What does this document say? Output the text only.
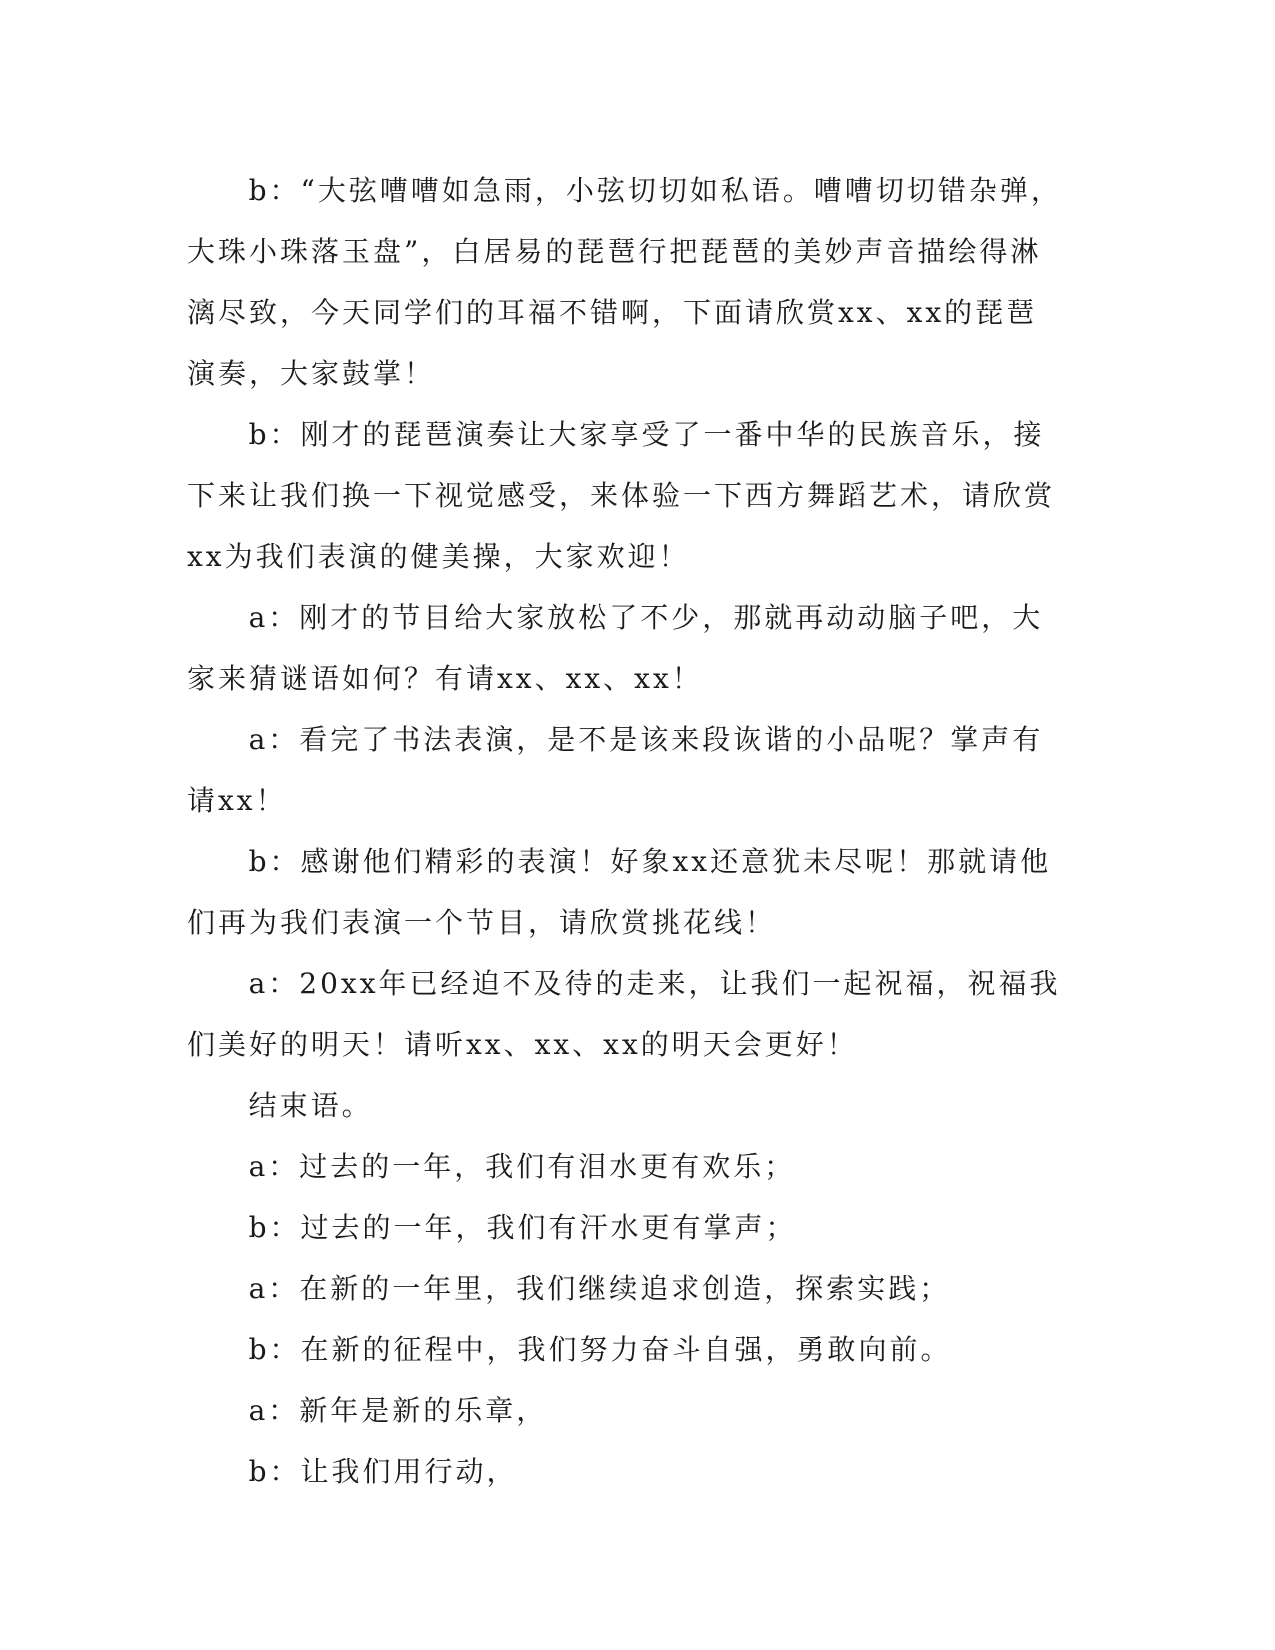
b：“大弦嘈嘈如急雨，小弦切切如私语。嘈嘈切切错杂弹，大珠小珠落玉盘”，白居易的琵琶行把琵琶的美妙声音描绘得淋漓尽致，今天同学们的耳福不错啊，下面请欣赏xx、xx的琵琶演奏，大家鼓掌！

b：刚才的琵琶演奏让大家享受了一番中华的民族音乐，接下来让我们换一下视觉感受，来体验一下西方舞蹈艺术，请欣赏xx为我们表演的健美操，大家欢迎！

a：刚才的节目给大家放松了不少，那就再动动脑子吧，大家来猜谜语如何？有请xx、xx、xx！

a：看完了书法表演，是不是该来段诙谐的小品呢？掌声有请xx！

b：感谢他们精彩的表演！好象xx还意犹未尽呢！那就请他们再为我们表演一个节目，请欣赏挑花线！

a：20xx年已经迫不及待的走来，让我们一起祝福，祝福我们美好的明天！请听xx、xx、xx的明天会更好！

结束语。

a：过去的一年，我们有泪水更有欢乐；

b：过去的一年，我们有汗水更有掌声；

a：在新的一年里，我们继续追求创造，探索实践；

b：在新的征程中，我们努力奋斗自强，勇敢向前。

a：新年是新的乐章，

b：让我们用行动，
